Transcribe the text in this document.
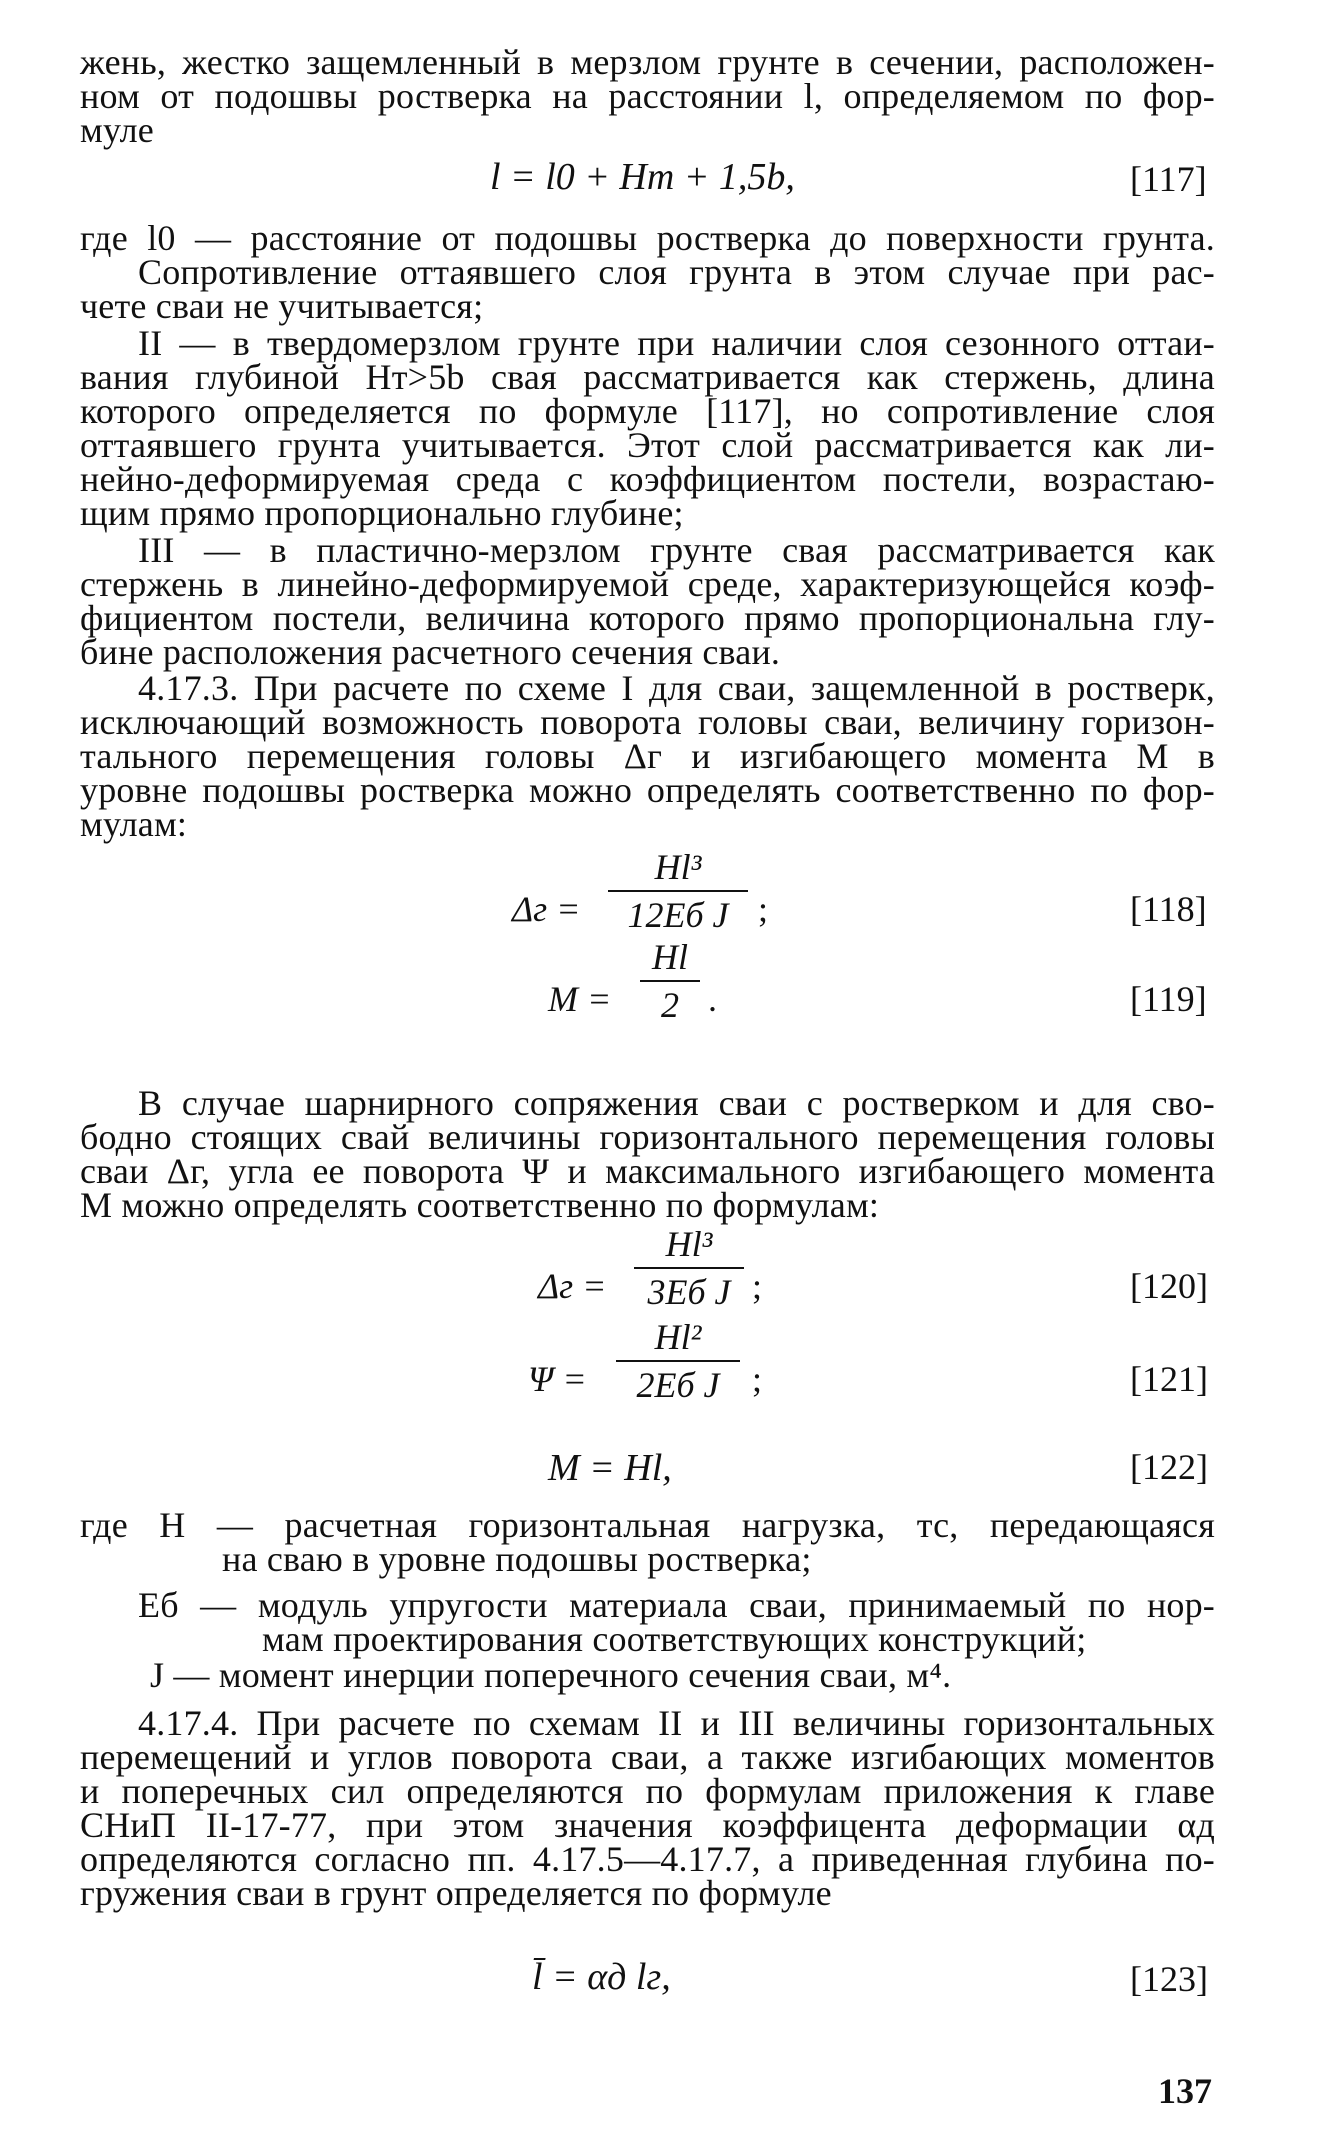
жень, жестко защемленный в мерзлом грунте в сечении, расположен-
ном от подошвы ростверка на расстоянии l, определяемом по фор-
муле
l = l0 + Hт + 1,5b,	[117]
где l0 — расстояние от подошвы ростверка до поверхности грунта.
Сопротивление оттаявшего слоя грунта в этом случае при рас-
чете сваи не учитывается;
II — в твердомерзлом грунте при наличии слоя сезонного оттаи-
вания глубиной Hт>5b свая рассматривается как стержень, длина
которого определяется по формуле [117], но сопротивление слоя
оттаявшего грунта учитывается. Этот слой рассматривается как ли-
нейно-деформируемая среда с коэффициентом постели, возрастаю-
щим прямо пропорционально глубине;
III — в пластично-мерзлом грунте свая рассматривается как
стержень в линейно-деформируемой среде, характеризующейся коэф-
фициентом постели, величина которого прямо пропорциональна глу-
бине расположения расчетного сечения сваи.
4.17.3. При расчете по схеме I для сваи, защемленной в ростверк,
исключающий возможность поворота головы сваи, величину горизон-
тального перемещения головы Δг и изгибающего момента M в
уровне подошвы ростверка можно определять соответственно по фор-
мулам:
Δг =
Hl³
12Eб J ;	[118]
M =
Hl
2 .	[119]
В случае шарнирного сопряжения сваи с ростверком и для сво-
бодно стоящих свай величины горизонтального перемещения головы
сваи Δг, угла ее поворота Ψ и максимального изгибающего момента
M можно определять соответственно по формулам:
Δг =
Hl³
3Eб J ;	[120]
Ψ =
Hl²
2Eб J ;	[121]
M = Hl,	[122]
где H — расчетная горизонтальная нагрузка, тс, передающаяся
на сваю в уровне подошвы ростверка;
Eб — модуль упругости материала сваи, принимаемый по нор-
мам проектирования соответствующих конструкций;
J — момент инерции поперечного сечения сваи, м⁴.
4.17.4. При расчете по схемам II и III величины горизонтальных
перемещений и углов поворота сваи, а также изгибающих моментов
и поперечных сил определяются по формулам приложения к главе
СНиП II-17-77, при этом значения коэффицента деформации αд
определяются согласно пп. 4.17.5—4.17.7, а приведенная глубина по-
гружения сваи в грунт определяется по формуле
l̄ = αд lг,	[123]
137
